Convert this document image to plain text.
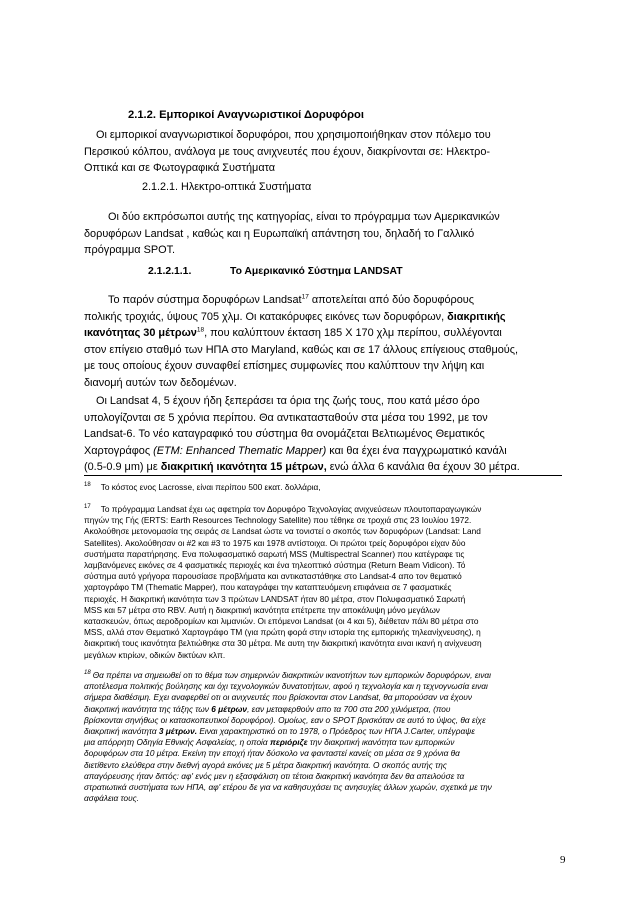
2.1.2. Εμπορικοί Αναγνωριστικοί Δορυφόροι
Οι εμπορικοί αναγνωριστικοί δορυφόροι, που χρησιμοποιήθηκαν στον πόλεμο του
Περσικού κόλπου, ανάλογα με τους ανιχνευτές που έχουν, διακρίνονται σε: Ηλεκτρο-
Οπτικά και σε Φωτογραφικά Συστήματα
2.1.2.1. Ηλεκτρο-οπτικά Συστήματα
Οι δύο εκπρόσωποι αυτής της κατηγορίας, είναι το πρόγραμμα των Αμερικανικών
δορυφόρων Landsat , καθώς και η Ευρωπαϊκή απάντηση του, δηλαδή το Γαλλικό
πρόγραμμα SPOT.
2.1.2.1.1.	Το Αμερικανικό Σύστημα LANDSAT
Το παρόν σύστημα δορυφόρων Landsat$^{17}$ αποτελείται από δύο δορυφόρους
πολικής τροχιάς, ύψους 705 χλμ. Οι κατακόρυφες εικόνες των δορυφόρων, διακριτικής
ικανότητας 30 μέτρων$^{18}$, που καλύπτουν έκταση 185 Χ 170 χλμ περίπου, συλλέγονται
στον επίγειο σταθμό των ΗΠΑ στο Maryland, καθώς και σε 17 άλλους επίγειους σταθμούς,
με τους οποίους έχουν συναφθεί επίσημες συμφωνίες που καλύπτουν την λήψη και
διανομή αυτών των δεδομένων.
Οι Landsat 4, 5 έχουν ήδη ξεπεράσει τα όρια της ζωής τους, που κατά μέσο όρο
υπολογίζονται σε 5 χρόνια περίπου. Θα αντικατασταθούν στα μέσα του 1992, με τον
Landsat-6. Το νέο καταγραφικό του σύστημα θα ονομάζεται Βελτιωμένος Θεματικός
Χαρτογράφος (ETM: Enhanced Thematic Mapper) και θα έχει ένα παγχρωματικό κανάλι
(0.5-0.9 μm) με διακριτική ικανότητα 15 μέτρων, ενώ άλλα 6 κανάλια θα έχουν 30 μέτρα.
$^{18}$ Το κόστος ενος Lacrosse, είναι περίπου 500 εκατ. δολλάρια,
$^{17}$ Το πρόγραμμα Landsat έχει ως αφετηρία τον Δορυφόρο Τεχνολογίας ανιχνεύσεων πλουτοπαραγωγικών
πηγών της Γής (ERTS: Earth Resources Technology Satellite) που τέθηκε σε τροχιά στις 23 Ιουλίου 1972.
Ακολούθησε μετονομασία της σειράς σε Landsat ώστε να τονιστεί ο σκοπός των δορυφόρων (Landsat: Land
Satellites). Ακολούθησαν οι #2 και #3 το 1975 και 1978 αντίστοιχα. Οι πρώτοι τρείς δορυφόροι είχαν δύο
συστήματα παρατήρησης. Ενα πολυφασματικό σαρωτή MSS (Multispectral Scanner) που κατέγραφε τις
λαμβανόμενες εικόνες σε 4 φασματικές περιοχές και ένα τηλεοπτικό σύστημα (Return Beam Vidicon). Τό
σύστημα αυτό γρήγορα παρουσίασε προβλήματα και αντικαταστάθηκε στο Landsat-4 απο τον θεματικό
χαρτογράφο ΤΜ (Thematic Mapper), που καταγράφει την καταπτευόμενη επιφάνεια σε 7 φασματικές
περιοχές. Η διακριτική ικανότητα των 3 πρώτων LANDSAT ήταν 80 μέτρα, στον Πολυφασματικό Σαρωτή
MSS και 57 μέτρα στο RBV. Αυτή η διακριτική ικανότητα επέτρεπε την αποκάλυψη μόνο μεγάλων
κατασκευών, όπως αεροδρομίων και λιμανιών. Οι επόμενοι Landsat (οι 4 και 5), διέθεταν πάλι 80 μέτρα στο
MSS, αλλά στον Θεματικό Χαρτογράφο ΤΜ (για πρώτη φορά στην ιστορία της εμπορικής τηλεανίχνευσης), η
διακριτική τους ικανότητα βελτιώθηκε στα 30 μέτρα. Με αυτη την διακριτική ικανότητα ειναι ικανή η ανίχνευση
μεγάλων κτιρίων, οδικών δικτύων κλπ.
$^{18}$ Θα πρέπει να σημειωθεί οτι το θέμα των σημερινών διακριτικών ικανοτήτων των εμπορικών δορυφόρων, ειναι
αποτέλεσμα πολιτικής βούλησης και όχι τεχνολογικών δυνατοτήτων, αφού η τεχνολογία και η τεχνογνωσία ειναι
σήμερα διαθέσιμη. Εχει αναφερθεί οτι οι ανιχνευτές που βρίσκονται στον Landsat, θα μπορούσαν να έχουν
διακριτική ικανότητα της τάξης των 6 μέτρων, εαν μεταφερθούν απο τα 700 στα 200 χιλιόμετρα, (που
βρίσκονται σηνήθως οι κατασκοπευτικοί δορυφόροι). Ομοίως, εαν ο SPOT βρισκόταν σε αυτό το ύψος, θα είχε
διακριτική ικανότητα 3 μέτρων. Ειναι χαρακτηριστικό οτι το 1978, ο Πρόεδρος των ΗΠΑ J.Carter, υπέγραψε
μια απόρρητη Οδηγία Εθνικής Ασφαλείας, η οποία περιόριζε την διακριτική ικανότητα των εμπορικών
δορυφόρων στα 10 μέτρα. Εκείνη την εποχή ήταν δύσκολο να φανταστεί κανείς οτι μέσα σε 9 χρόνια θα
διετίθεντο ελεύθερα στην διεθνή αγορά εικόνες με 5 μέτρα διακριτική ικανότητα. Ο σκοπός αυτής της
απαγόρευσης ήταν διττός: αφ' ενός μεν η εξασφάλιση οτι τέτοια διακριτική ικανότητα δεν θα απειλούσε τα
στρατιωτικά συστήματα των ΗΠΑ, αφ' ετέρου δε για να καθησυχάσει τις ανησυχίες άλλων χωρών, σχετικά με την
ασφάλεια τους.
9
